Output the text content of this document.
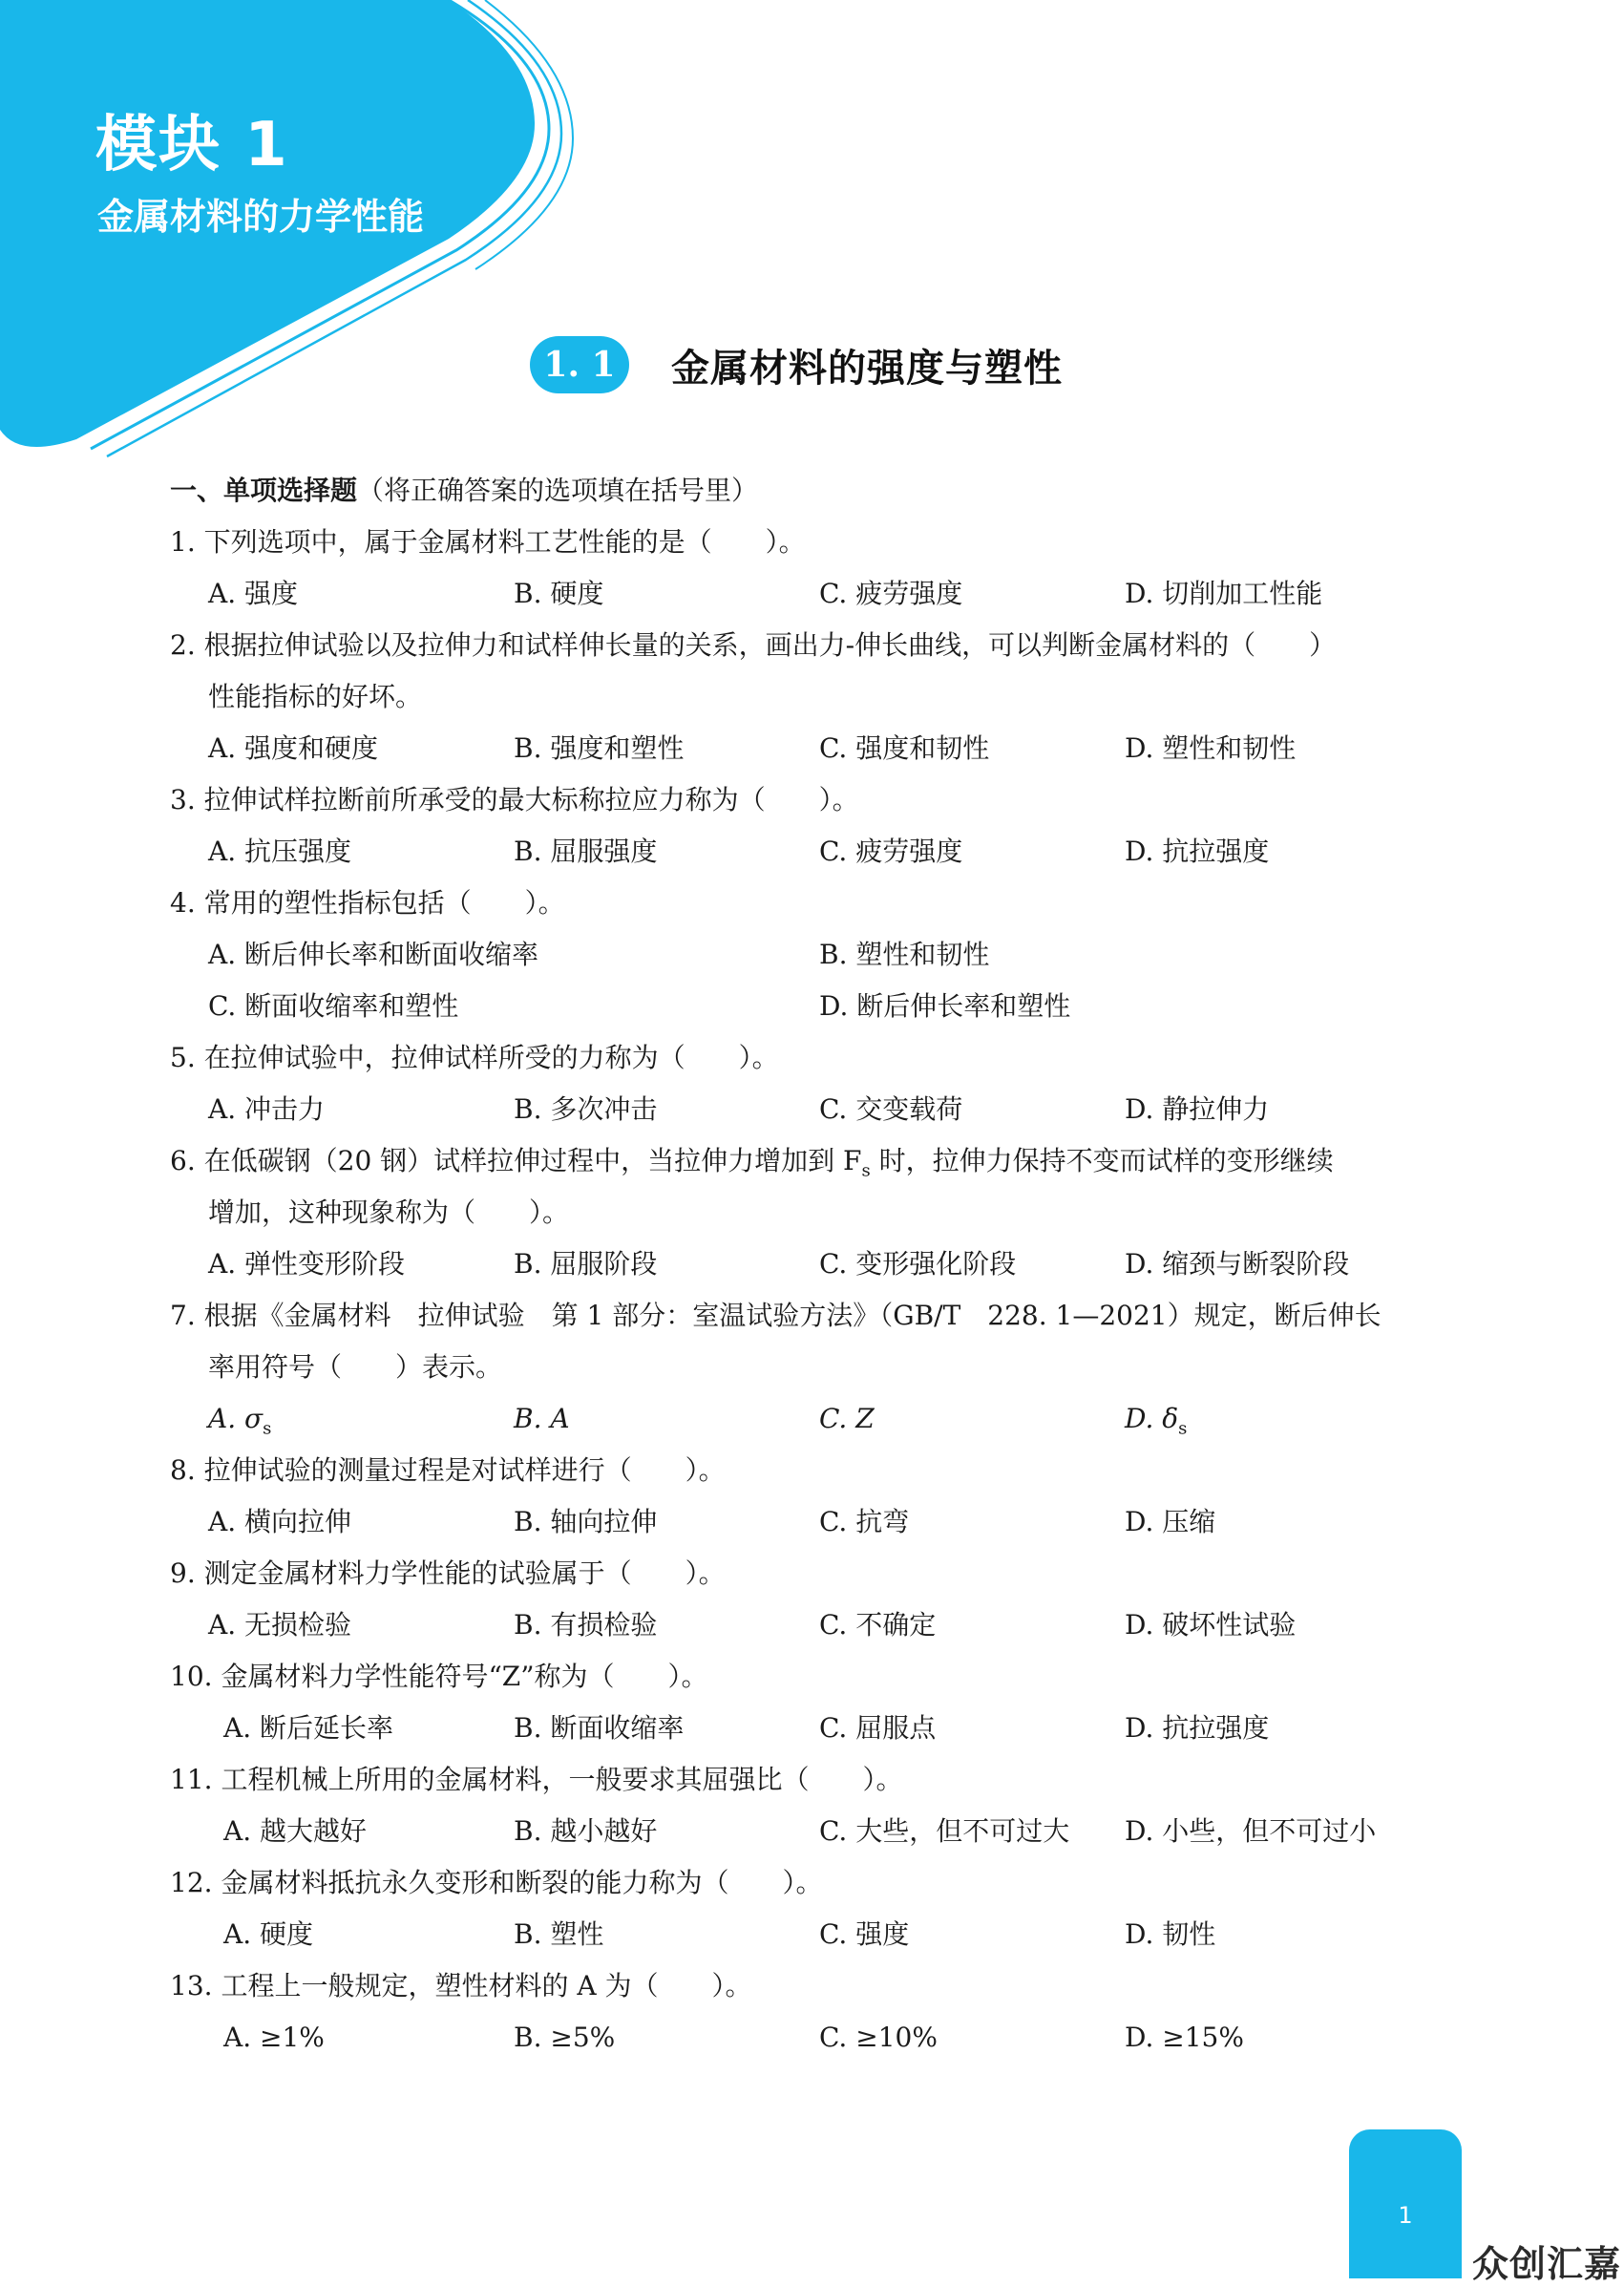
模块 1
金属材料的力学性能
1. 1	金属材料的强度与塑性
一、单项选择题（将正确答案的选项填在括号里）
1. 下列选项中，属于金属材料工艺性能的是（　　）。
A. 强度	B. 硬度	C. 疲劳强度	D. 切削加工性能
2. 根据拉伸试验以及拉伸力和试样伸长量的关系，画出力-伸长曲线，可以判断金属材料的（　　）
性能指标的好坏。
A. 强度和硬度	B. 强度和塑性	C. 强度和韧性	D. 塑性和韧性
3. 拉伸试样拉断前所承受的最大标称拉应力称为（　　）。
A. 抗压强度	B. 屈服强度	C. 疲劳强度	D. 抗拉强度
4. 常用的塑性指标包括（　　）。
A. 断后伸长率和断面收缩率	B. 塑性和韧性
C. 断面收缩率和塑性	D. 断后伸长率和塑性
5. 在拉伸试验中，拉伸试样所受的力称为（　　）。
A. 冲击力	B. 多次冲击	C. 交变载荷	D. 静拉伸力
6. 在低碳钢（20 钢）试样拉伸过程中，当拉伸力增加到 $F_s$ 时，拉伸力保持不变而试样的变形继续
增加，这种现象称为（　　）。
A. 弹性变形阶段	B. 屈服阶段	C. 变形强化阶段	D. 缩颈与断裂阶段
7. 根据《金属材料　拉伸试验　第 1 部分：室温试验方法》（GB/T　228. 1—2021）规定，断后伸长
率用符号（　　）表示。
A. $\sigma_s$	B. A	C. Z	D. $\delta_s$
8. 拉伸试验的测量过程是对试样进行（　　）。
A. 横向拉伸	B. 轴向拉伸	C. 抗弯	D. 压缩
9. 测定金属材料力学性能的试验属于（　　）。
A. 无损检验	B. 有损检验	C. 不确定	D. 破坏性试验
10. 金属材料力学性能符号“Z”称为（　　）。
A. 断后延长率	B. 断面收缩率	C. 屈服点	D. 抗拉强度
11. 工程机械上所用的金属材料，一般要求其屈强比（　　）。
A. 越大越好	B. 越小越好	C. 大些，但不可过大 D. 小些，但不可过小
12. 金属材料抵抗永久变形和断裂的能力称为（　　）。
A. 硬度	B. 塑性	C. 强度	D. 韧性
13. 工程上一般规定，塑性材料的 A 为（　　）。
A. ≥1%	B. ≥5%	C. ≥10%	D. ≥15%
1
众创汇嘉
